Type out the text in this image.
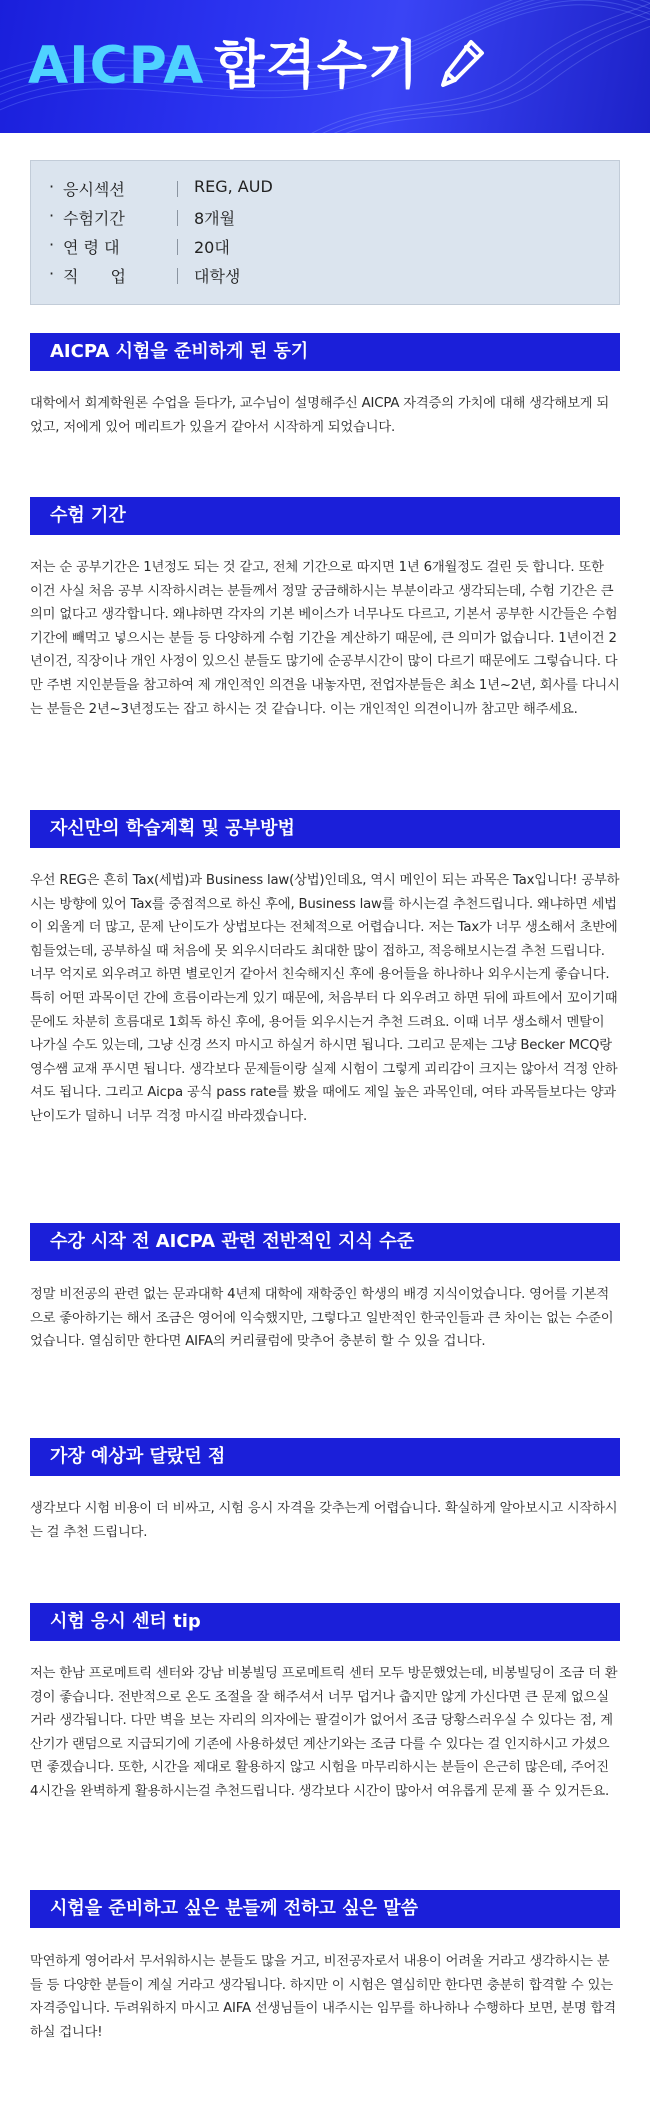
AICPA 합격수기
· 응시섹션	REG, AUD
· 수험기간	8개월
· 연 령 대	20대
· 직　　업	대학생
AICPA 시험을 준비하게 된 동기
대학에서 회계학원론 수업을 듣다가, 교수님이 설명해주신 AICPA 자격증의 가치에 대해 생각해보게 되었고, 저에게 있어 메리트가 있을거 같아서 시작하게 되었습니다.
수험 기간
저는 순 공부기간은 1년정도 되는 것 같고, 전체 기간으로 따지면 1년 6개월정도 걸린 듯 합니다. 또한 이건 사실 처음 공부 시작하시려는 분들께서 정말 궁금해하시는 부분이라고 생각되는데, 수험 기간은 큰 의미 없다고 생각합니다. 왜냐하면 각자의 기본 베이스가 너무나도 다르고, 기본서 공부한 시간들은 수험 기간에 빼먹고 넣으시는 분들 등 다양하게 수험 기간을 계산하기 때문에, 큰 의미가 없습니다. 1년이건 2년이건, 직장이나 개인 사정이 있으신 분들도 많기에 순공부시간이 많이 다르기 때문에도 그렇습니다. 다만 주변 지인분들을 참고하여 제 개인적인 의견을 내놓자면, 전업자분들은 최소 1년~2년, 회사를 다니시는 분들은 2년~3년정도는 잡고 하시는 것 같습니다. 이는 개인적인 의견이니까 참고만 해주세요.
자신만의 학습계획 및 공부방법
우선 REG은 흔히 Tax(세법)과 Business law(상법)인데요, 역시 메인이 되는 과목은 Tax입니다! 공부하시는 방향에 있어 Tax를 중점적으로 하신 후에, Business law를 하시는걸 추천드립니다. 왜냐하면 세법이 외울게 더 많고, 문제 난이도가 상법보다는 전체적으로 어렵습니다. 저는 Tax가 너무 생소해서 초반에 힘들었는데, 공부하실 때 처음에 못 외우시더라도 최대한 많이 접하고, 적응해보시는걸 추천 드립니다. 너무 억지로 외우려고 하면 별로인거 같아서 친숙해지신 후에 용어들을 하나하나 외우시는게 좋습니다. 특히 어떤 과목이던 간에 흐름이라는게 있기 때문에, 처음부터 다 외우려고 하면 뒤에 파트에서 꼬이기때문에도 차분히 흐름대로 1회독 하신 후에, 용어들 외우시는거 추천 드려요. 이때 너무 생소해서 멘탈이 나가실 수도 있는데, 그냥 신경 쓰지 마시고 하실거 하시면 됩니다. 그리고 문제는 그냥 Becker MCQ랑 영수쌤 교재 푸시면 됩니다. 생각보다 문제들이랑 실제 시험이 그렇게 괴리감이 크지는 않아서 걱정 안하셔도 됩니다. 그리고 Aicpa 공식 pass rate를 봤을 때에도 제일 높은 과목인데, 여타 과목들보다는 양과 난이도가 덜하니 너무 걱정 마시길 바라겠습니다.
수강 시작 전 AICPA 관련 전반적인 지식 수준
정말 비전공의 관련 없는 문과대학 4년제 대학에 재학중인 학생의 배경 지식이었습니다. 영어를 기본적으로 좋아하기는 해서 조금은 영어에 익숙했지만, 그렇다고 일반적인 한국인들과 큰 차이는 없는 수준이었습니다. 열심히만 한다면 AIFA의 커리큘럼에 맞추어 충분히 할 수 있을 겁니다.
가장 예상과 달랐던 점
생각보다 시험 비용이 더 비싸고, 시험 응시 자격을 갖추는게 어렵습니다. 확실하게 알아보시고 시작하시는 걸 추천 드립니다.
시험 응시 센터 tip
저는 한남 프로메트릭 센터와 강남 비봉빌딩 프로메트릭 센터 모두 방문했었는데, 비봉빌딩이 조금 더 환경이 좋습니다. 전반적으로 온도 조절을 잘 해주셔서 너무 덥거나 춥지만 않게 가신다면 큰 문제 없으실 거라 생각됩니다. 다만 벽을 보는 자리의 의자에는 팔걸이가 없어서 조금 당황스러우실 수 있다는 점, 계산기가 랜덤으로 지급되기에 기존에 사용하셨던 계산기와는 조금 다를 수 있다는 걸 인지하시고 가셨으면 좋겠습니다. 또한, 시간을 제대로 활용하지 않고 시험을 마무리하시는 분들이 은근히 많은데, 주어진 4시간을 완벽하게 활용하시는걸 추천드립니다. 생각보다 시간이 많아서 여유롭게 문제 풀 수 있거든요.
시험을 준비하고 싶은 분들께 전하고 싶은 말씀
막연하게 영어라서 무서워하시는 분들도 많을 거고, 비전공자로서 내용이 어려울 거라고 생각하시는 분들 등 다양한 분들이 계실 거라고 생각됩니다. 하지만 이 시험은 열심히만 한다면 충분히 합격할 수 있는 자격증입니다. 두려워하지 마시고 AIFA 선생님들이 내주시는 임무를 하나하나 수행하다 보면, 분명 합격하실 겁니다!
